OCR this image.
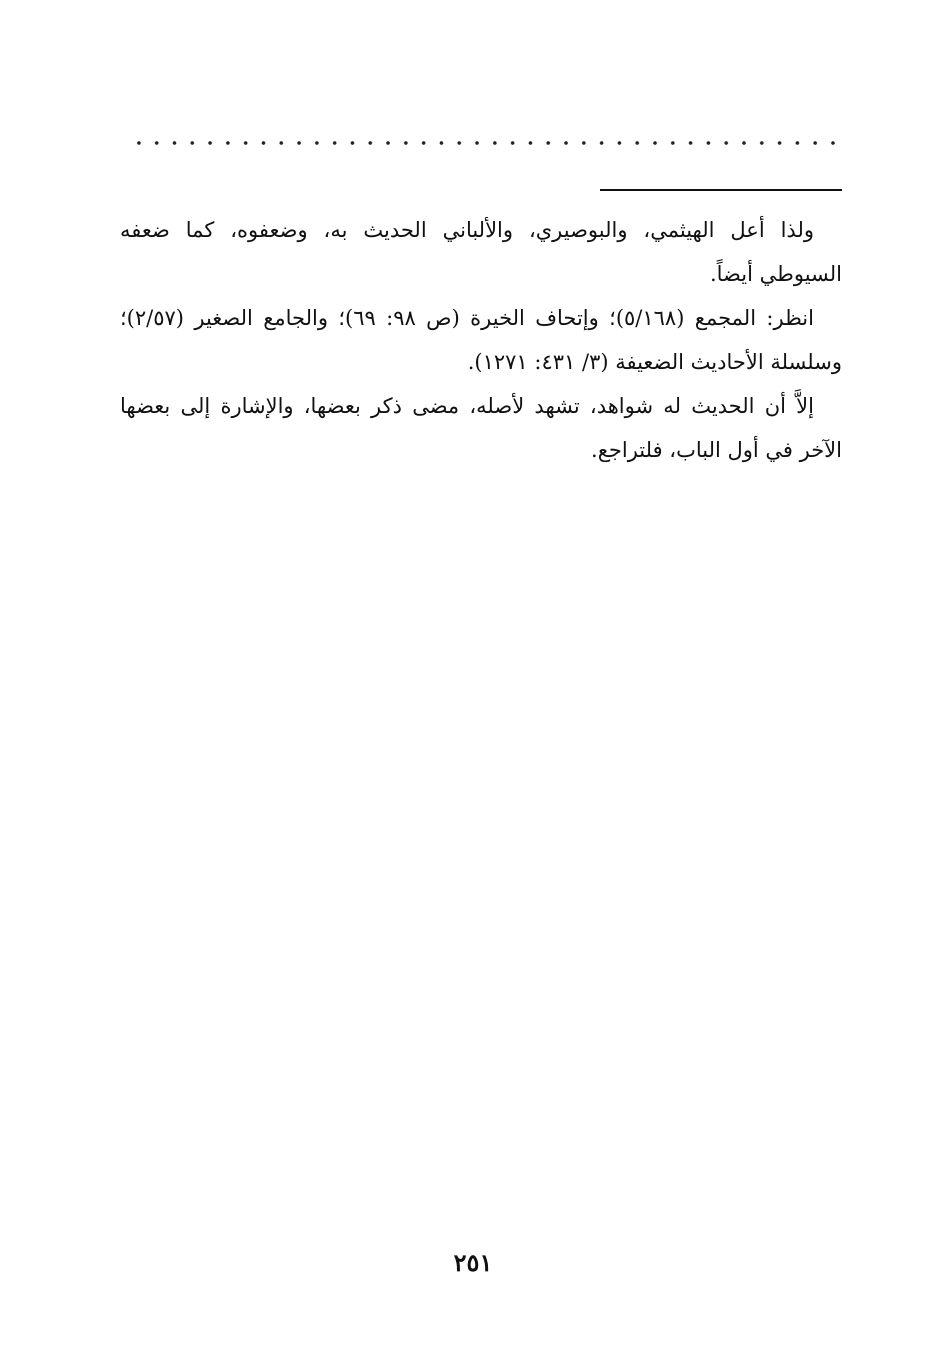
ولذا أعل الهيثمي، والبوصيري، والألباني الحديث به، وضعفوه، كما ضعفه السيوطي أيضاً.

انظر: المجمع (٥/١٦٨)؛ وإتحاف الخيرة (ص ٩٨: ٦٩)؛ والجامع الصغير (٢/٥٧)؛ وسلسلة الأحاديث الضعيفة (٣/ ٤٣١: ١٢٧١).

إلاَّ أن الحديث له شواهد، تشهد لأصله، مضى ذكر بعضها، والإشارة إلى بعضها الآخر في أول الباب، فلتراجع.

٢٥١
